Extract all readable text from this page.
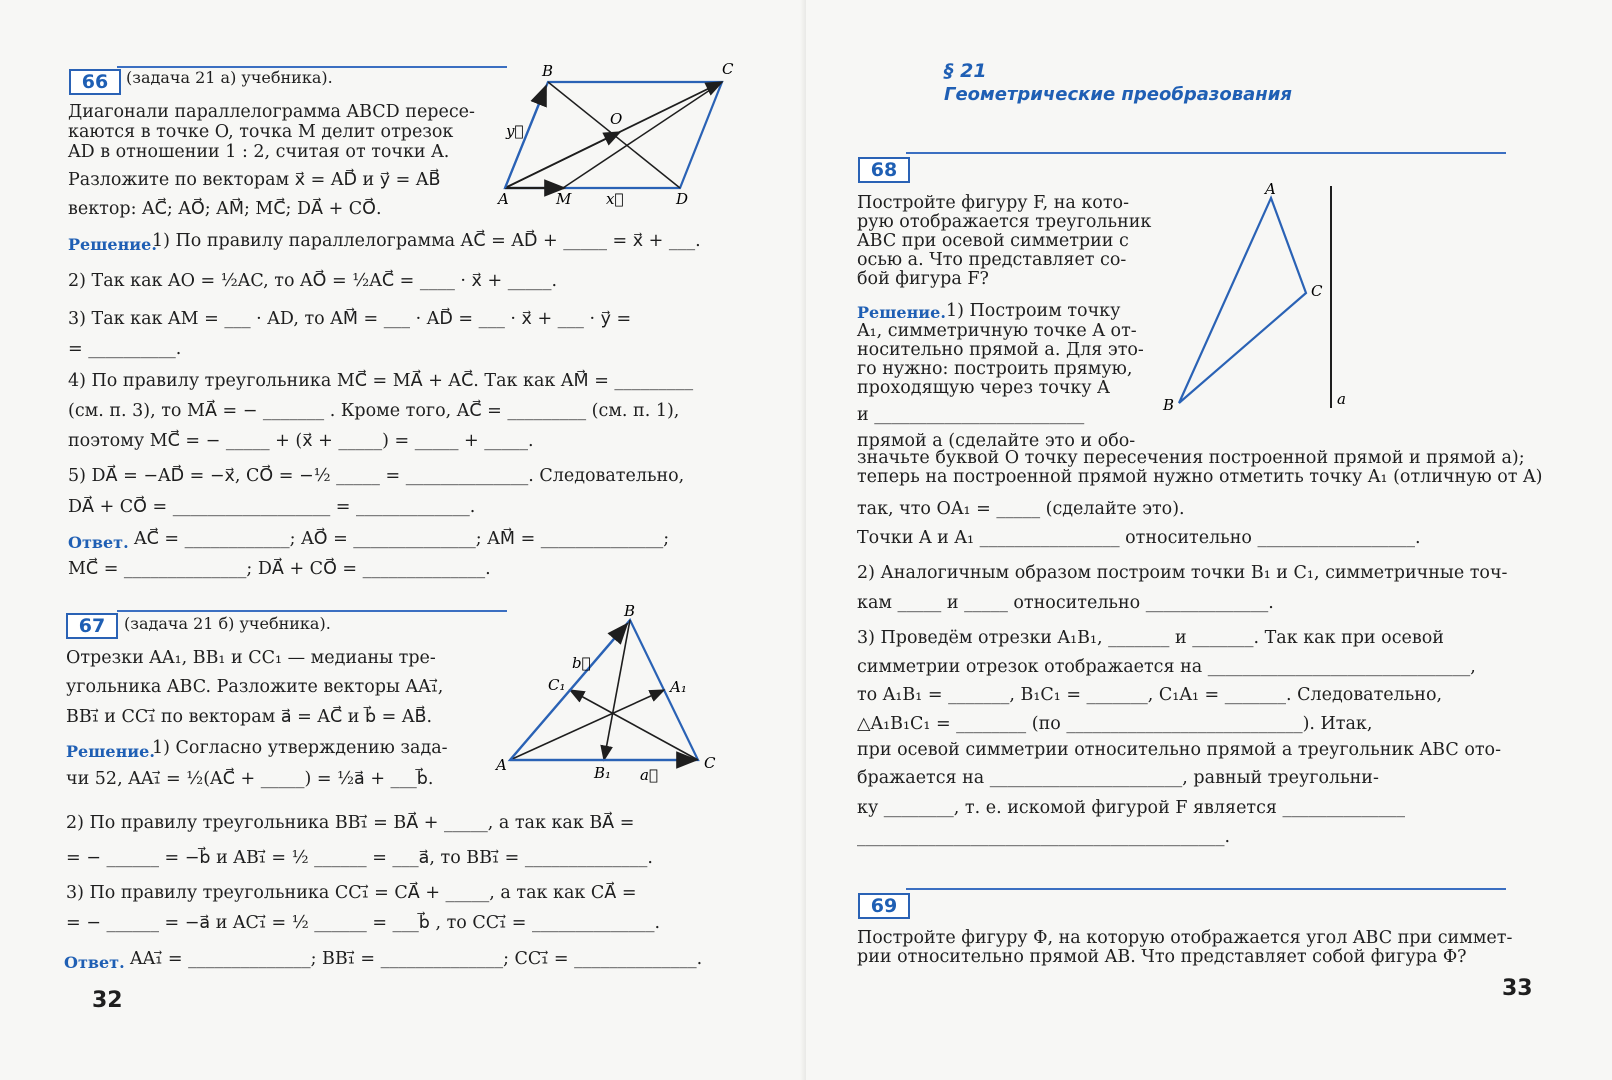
66	(задача 21 а) учебника).
Диагонали параллелограмма ABCD пересе-
каются в точке O, точка M делит отрезок
AD в отношении 1 : 2, считая от точки A.
Разложите по векторам x⃗ = AD⃗ и y⃗ = AB⃗
вектор: AC⃗; AO⃗; AM⃗; MC⃗; DA⃗ + CO⃗.
B	C
O
A	M	D
y⃗
x⃗
Решение.
1) По правилу параллелограмма AC⃗ = AD⃗ + _____ = x⃗ + ___.
2) Так как AO = ½AC, то AO⃗ = ½AC⃗ = ____ · x⃗ + _____.
3) Так как AM = ___ · AD, то AM⃗ = ___ · AD⃗ = ___ · x⃗ + ___ · y⃗ =
= __________.
4) По правилу треугольника MC⃗ = MA⃗ + AC⃗. Так как AM⃗ = _________
(см. п. 3), то MA⃗ = − _______ . Кроме того, AC⃗ = _________ (см. п. 1),
поэтому MC⃗ = − _____ + (x⃗ + _____) = _____ + _____.
5) DA⃗ = −AD⃗ = −x⃗, CO⃗ = −½ _____ = ______________. Следовательно,
DA⃗ + CO⃗ = __________________ = _____________.
Ответ. AC⃗ = ____________; AO⃗ = ______________; AM⃗ = ______________;
MC⃗ = ______________; DA⃗ + CO⃗ = ______________.
67	(задача 21 б) учебника).
Отрезки AA₁, BB₁ и CC₁ — медианы тре-
угольника ABC. Разложите векторы AA₁⃗,
BB₁⃗ и CC₁⃗ по векторам a⃗ = AC⃗ и b⃗ = AB⃗.
B
b⃗
C₁	A₁
A	B₁ a⃗
C
Решение.
1) Согласно утверждению зада-
чи 52, AA₁⃗ = ½(AC⃗ + _____) = ½a⃗ + ___b⃗.
2) По правилу треугольника BB₁⃗ = BA⃗ + _____, а так как BA⃗ =
= − ______ = −b⃗ и AB₁⃗ = ½ ______ = ___a⃗, то BB₁⃗ = ______________.
3) По правилу треугольника CC₁⃗ = CA⃗ + _____, а так как CA⃗ =
= − ______ = −a⃗ и AC₁⃗ = ½ ______ = ___b⃗ , то CC₁⃗ = ______________.
Ответ. AA₁⃗ = ______________; BB₁⃗ = ______________; CC₁⃗ = ______________.
32
§ 21
Геометрические преобразования
68
Постройте фигуру F, на кото-
рую отображается треугольник
ABC при осевой симметрии с
осью a. Что представляет со-
бой фигура F?
A
C
B	a
Решение. 1) Построим точку
A₁, симметричную точке A от-
носительно прямой a. Для это-
го нужно: построить прямую,
проходящую через точку A
и ________________________
прямой a (сделайте это и обо-
значьте буквой O точку пересечения построенной прямой и прямой a);
теперь на построенной прямой нужно отметить точку A₁ (отличную от A)
так, что OA₁ = _____ (сделайте это).
Точки A и A₁ ________________ относительно __________________.
2) Аналогичным образом построим точки B₁ и C₁, симметричные точ-
кам _____ и _____ относительно ______________.
3) Проведём отрезки A₁B₁, _______ и _______. Так как при осевой
симметрии отрезок отображается на ______________________________,
то A₁B₁ = _______, B₁C₁ = _______, C₁A₁ = _______. Следовательно,
△A₁B₁C₁ = ________ (по ___________________________). Итак,
при осевой симметрии относительно прямой a треугольник ABC ото-
бражается на ______________________, равный треугольни-
ку ________, т. е. искомой фигурой F является ______________
__________________________________________.
69
Постройте фигуру Φ, на которую отображается угол ABC при симмет-
рии относительно прямой AB. Что представляет собой фигура Φ?
33
